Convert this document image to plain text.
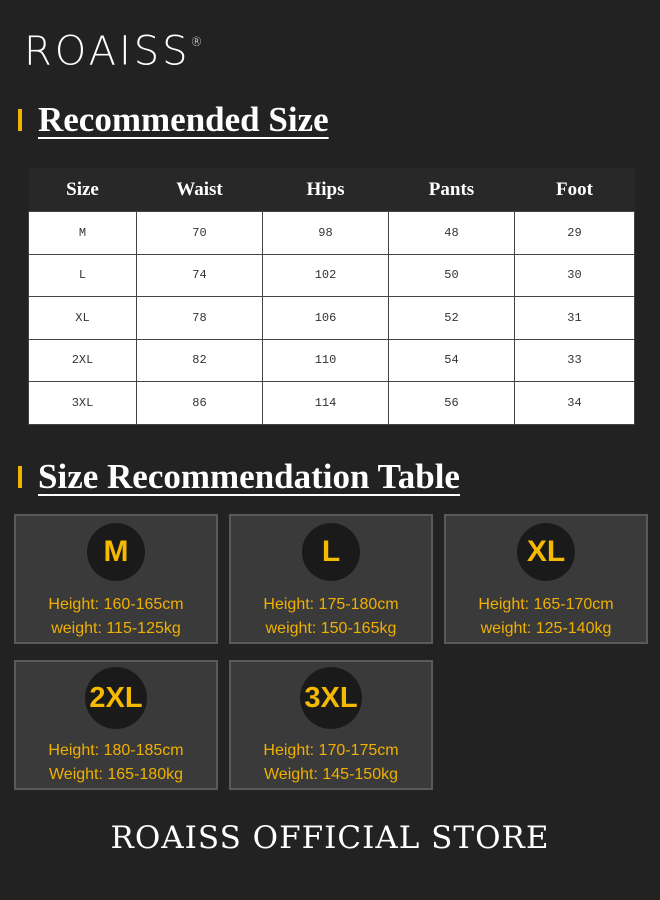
ROAISS®
Recommended Size
Size	Waist	Hips	Pants	Foot
M	70	98	48	29
L	74	102	50	30
XL	78	106	52	31
2XL	82	110	54	33
3XL	86	114	56	34
Size Recommendation Table
M
Height: 160-165cm
weight: 115-125kg
L
Height: 175-180cm
weight: 150-165kg
XL
Height: 165-170cm
weight: 125-140kg
2XL
Height: 180-185cm
Weight: 165-180kg
3XL
Height: 170-175cm
Weight: 145-150kg
ROAISS OFFICIAL STORE
